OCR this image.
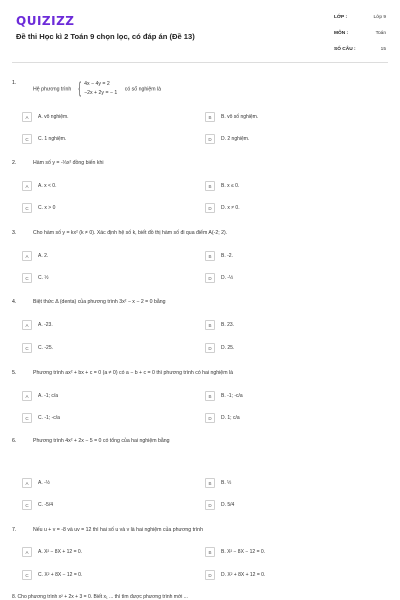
QUIZIZZ
Đề thi Học kì 2 Toán 9 chọn lọc, có đáp án (Đề 13)
LỚP :	Lớp 9
MÔN :	Toán
SỐ CÂU :	15
1.
Hệ phương trình { 4x − 4y = 2
−2x + 2y = − 1
có số nghiệm là
A	A. vô nghiệm.	B	B. vô số nghiệm.
C	C. 1 nghiệm.	D	D. 2 nghiệm.
2.	Hàm số y = -⅓x² đồng biến khi
A	A. x < 0.	B	B. x ≤ 0.
C	C. x > 0	D	D. x ≠ 0.
3.	Cho hàm số y = kx² (k ≠ 0). Xác định hệ số k, biết đồ thị hàm số đi qua điểm A(-2; 2).
A	A. 2.	B	B. -2.
C	C. ½	D	D. -½
4.	Biệt thức Δ (denta) của phương trình 3x² − x − 2 = 0 bằng
A	A. -23.	B	B. 23.
C	C. -25.	D	D. 25.
5.	Phương trình ax² + bx + c = 0 (a ≠ 0) có a − b + c = 0 thì phương trình có hai nghiệm là
A	A. -1; c/a	B	B. -1; -c/a
C	C. -1; -c/a	D	D. 1; c/a
6.	Phương trình 4x² + 2x − 5 = 0 có tổng của hai nghiệm bằng
A	A. -½	B	B. ½
C	C. -5/4	D	D. 5/4
7.	Nếu u + v = -8 và uv = 12 thì hai số u và v là hai nghiệm của phương trình
A	A. X² − 8X + 12 = 0.	B	B. X² − 8X − 12 = 0.
C	C. X² + 8X − 12 = 0.	D	D. X² + 8X + 12 = 0.
8. Cho phương trình x² + 2x + 3 = 0. Biết x₁ ... thì tìm được phương trình mới ...
